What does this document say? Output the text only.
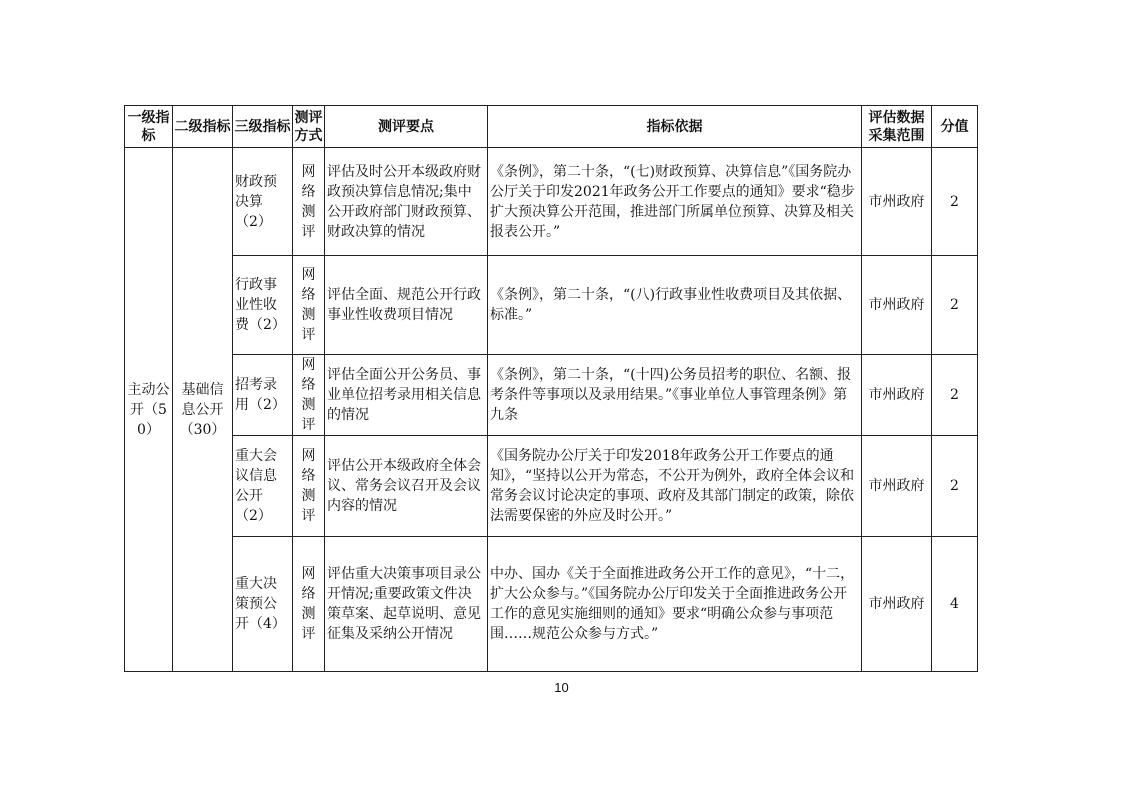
一级指标	二级指标	三级指标	测评方式	测评要点	指标依据	评估数据采集范围	分值
主动公开（50）	基础信息公开（30）	财政预决算（2）	网络测评	评估及时公开本级政府财政预决算信息情况;集中公开政府部门财政预算、财政决算的情况	《条例》，第二十条，“(七)财政预算、决算信息”《国务院办公厅关于印发2021年政务公开工作要点的通知》要求“稳步扩大预决算公开范围，推进部门所属单位预算、决算及相关报表公开。”	市州政府	2
		行政事业性收费（2）	网络测评	评估全面、规范公开行政事业性收费项目情况	《条例》，第二十条，“(八)行政事业性收费项目及其依据、标准。”	市州政府	2
		招考录用（2）	网络测评	评估全面公开公务员、事业单位招考录用相关信息的情况	《条例》，第二十条，“(十四)公务员招考的职位、名额、报考条件等事项以及录用结果。”《事业单位人事管理条例》第九条	市州政府	2
		重大会议信息公开（2）	网络测评	评估公开本级政府全体会议、常务会议召开及会议内容的情况	《国务院办公厅关于印发2018年政务公开工作要点的通知》，“坚持以公开为常态，不公开为例外，政府全体会议和常务会议讨论决定的事项、政府及其部门制定的政策，除依法需要保密的外应及时公开。”	市州政府	2
		重大决策预公开（4）	网络测评	评估重大决策事项目录公开情况;重要政策文件决策草案、起草说明、意见征集及采纳公开情况	中办、国办《关于全面推进政务公开工作的意见》，“十二，扩大公众参与。”《国务院办公厅印发关于全面推进政务公开工作的意见实施细则的通知》要求“明确公众参与事项范围……规范公众参与方式。”	市州政府	4
10
